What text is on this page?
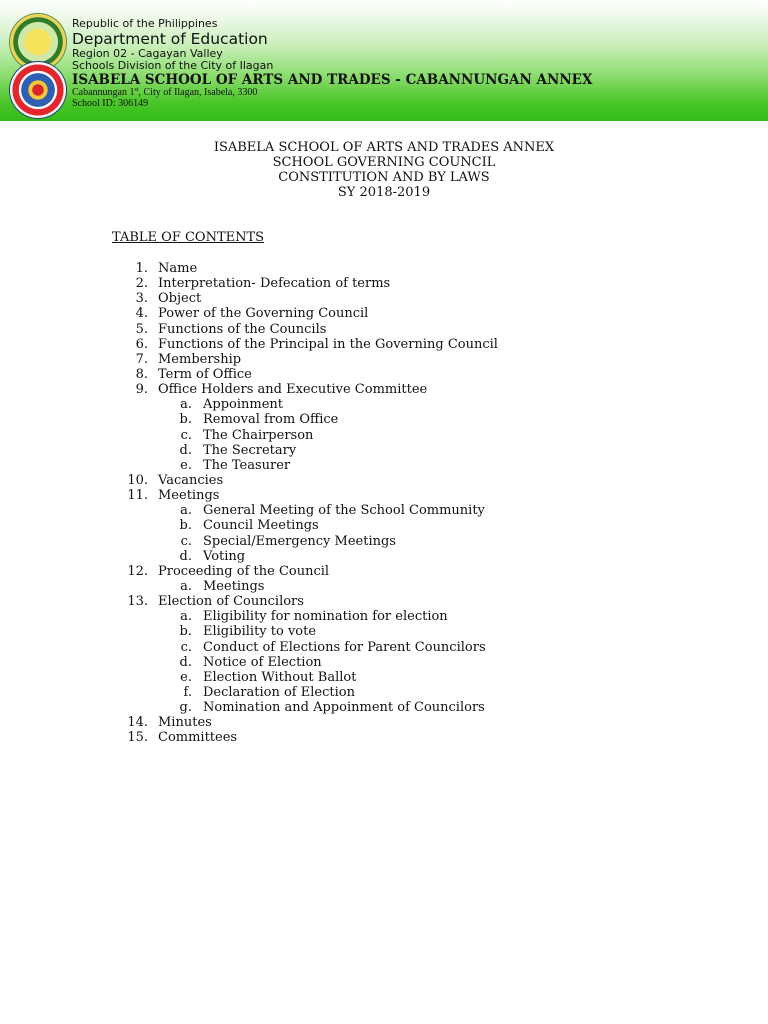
Republic of the Philippines
Department of Education
Region 02 - Cagayan Valley
Schools Division of the City of Ilagan
ISABELA SCHOOL OF ARTS AND TRADES - CABANNUNGAN ANNEX
Cabannungan 1st, City of Ilagan, Isabela, 3300
School ID: 306149
ISABELA SCHOOL OF ARTS AND TRADES ANNEX
SCHOOL GOVERNING COUNCIL
CONSTITUTION AND BY LAWS
SY 2018-2019
TABLE OF CONTENTS
1. Name
2. Interpretation- Defecation of terms
3. Object
4. Power of the Governing Council
5. Functions of the Councils
6. Functions of the Principal in the Governing Council
7. Membership
8. Term of Office
9. Office Holders and Executive Committee
a. Appoinment
b. Removal from Office
c. The Chairperson
d. The Secretary
e. The Teasurer
10. Vacancies
11. Meetings
a. General Meeting of the School Community
b. Council Meetings
c. Special/Emergency Meetings
d. Voting
12. Proceeding of the Council
a. Meetings
13. Election of Councilors
a. Eligibility for nomination for election
b. Eligibility to vote
c. Conduct of Elections for Parent Councilors
d. Notice of Election
e. Election Without Ballot
f. Declaration of Election
g. Nomination and Appoinment of Councilors
14. Minutes
15. Committees
